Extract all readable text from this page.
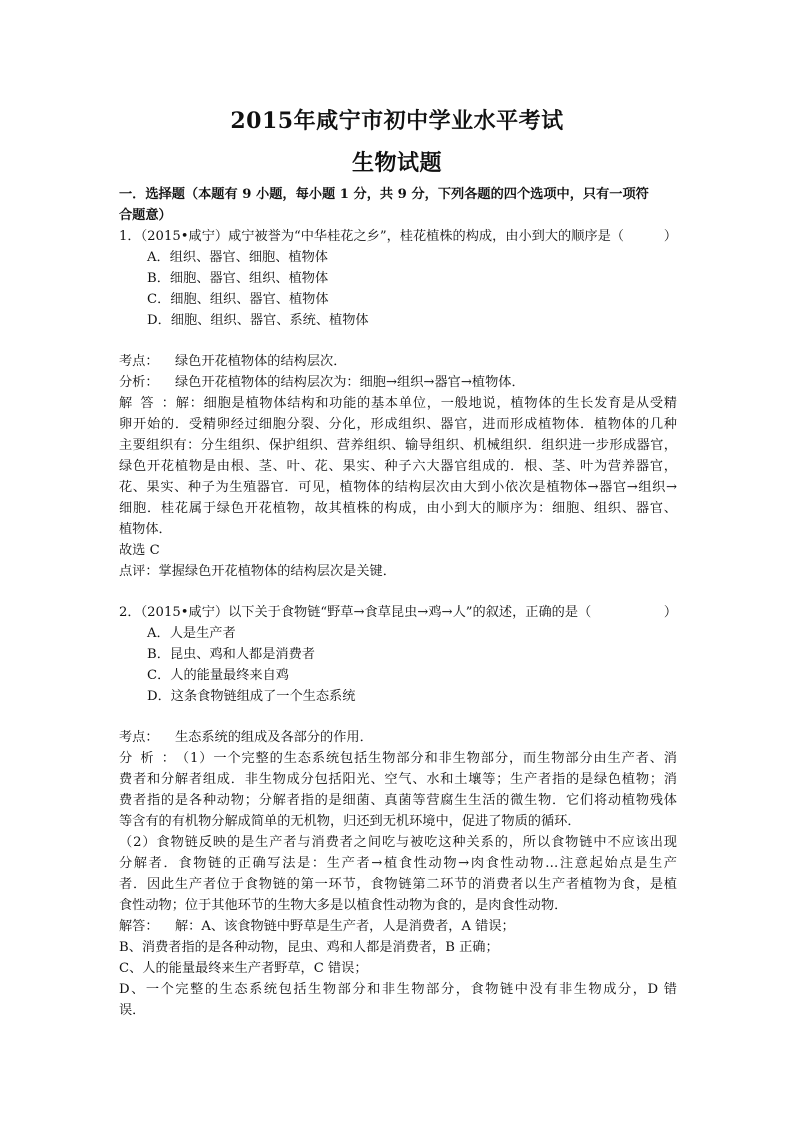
2015年咸宁市初中学业水平考试
生物试题
一．选择题（本题有 9 小题，每小题 1 分，共 9 分，下列各题的四个选项中，只有一项符
合题意）
1．（2015•咸宁）咸宁被誉为“中华桂花之乡”，桂花植株的构成，由小到大的顺序是（	）
A．组织、器官、细胞、植物体
B．细胞、器官、组织、植物体
C．细胞、组织、器官、植物体
D．细胞、组织、器官、系统、植物体
考点： 绿色开花植物体的结构层次．
分析： 绿色开花植物体的结构层次为：细胞→组织→器官→植物体．
解答：解：细胞是植物体结构和功能的基本单位，一般地说，植物体的生长发育是从受精
卵开始的．受精卵经过细胞分裂、分化，形成组织、器官，进而形成植物体．植物体的几种
主要组织有：分生组织、保护组织、营养组织、输导组织、机械组织．组织进一步形成器官，
绿色开花植物是由根、茎、叶、花、果实、种子六大器官组成的．根、茎、叶为营养器官，
花、果实、种子为生殖器官．可见，植物体的结构层次由大到小依次是植物体→器官→组织→
细胞．桂花属于绿色开花植物，故其植株的构成，由小到大的顺序为：细胞、组织、器官、
植物体．
故选 C
点评：掌握绿色开花植物体的结构层次是关键．
2．（2015•咸宁）以下关于食物链“野草→食草昆虫→鸡→人”的叙述，正确的是（	）
A．人是生产者
B．昆虫、鸡和人都是消费者
C．人的能量最终来自鸡
D．这条食物链组成了一个生态系统
考点： 生态系统的组成及各部分的作用．
分析：（1）一个完整的生态系统包括生物部分和非生物部分，而生物部分由生产者、消
费者和分解者组成．非生物成分包括阳光、空气、水和土壤等；生产者指的是绿色植物；消
费者指的是各种动物；分解者指的是细菌、真菌等营腐生生活的微生物．它们将动植物残体
等含有的有机物分解成简单的无机物，归还到无机环境中，促进了物质的循环．
（2）食物链反映的是生产者与消费者之间吃与被吃这种关系的，所以食物链中不应该出现
分解者．食物链的正确写法是：生产者→植食性动物→肉食性动物…注意起始点是生产
者．因此生产者位于食物链的第一环节，食物链第二环节的消费者以生产者植物为食，是植
食性动物；位于其他环节的生物大多是以植食性动物为食的，是肉食性动物．
解答： 解：A、该食物链中野草是生产者，人是消费者，A 错误；
B、消费者指的是各种动物，昆虫、鸡和人都是消费者，B 正确；
C、人的能量最终来生产者野草，C 错误；
D、一个完整的生态系统包括生物部分和非生物部分，食物链中没有非生物成分，D 错
误．
